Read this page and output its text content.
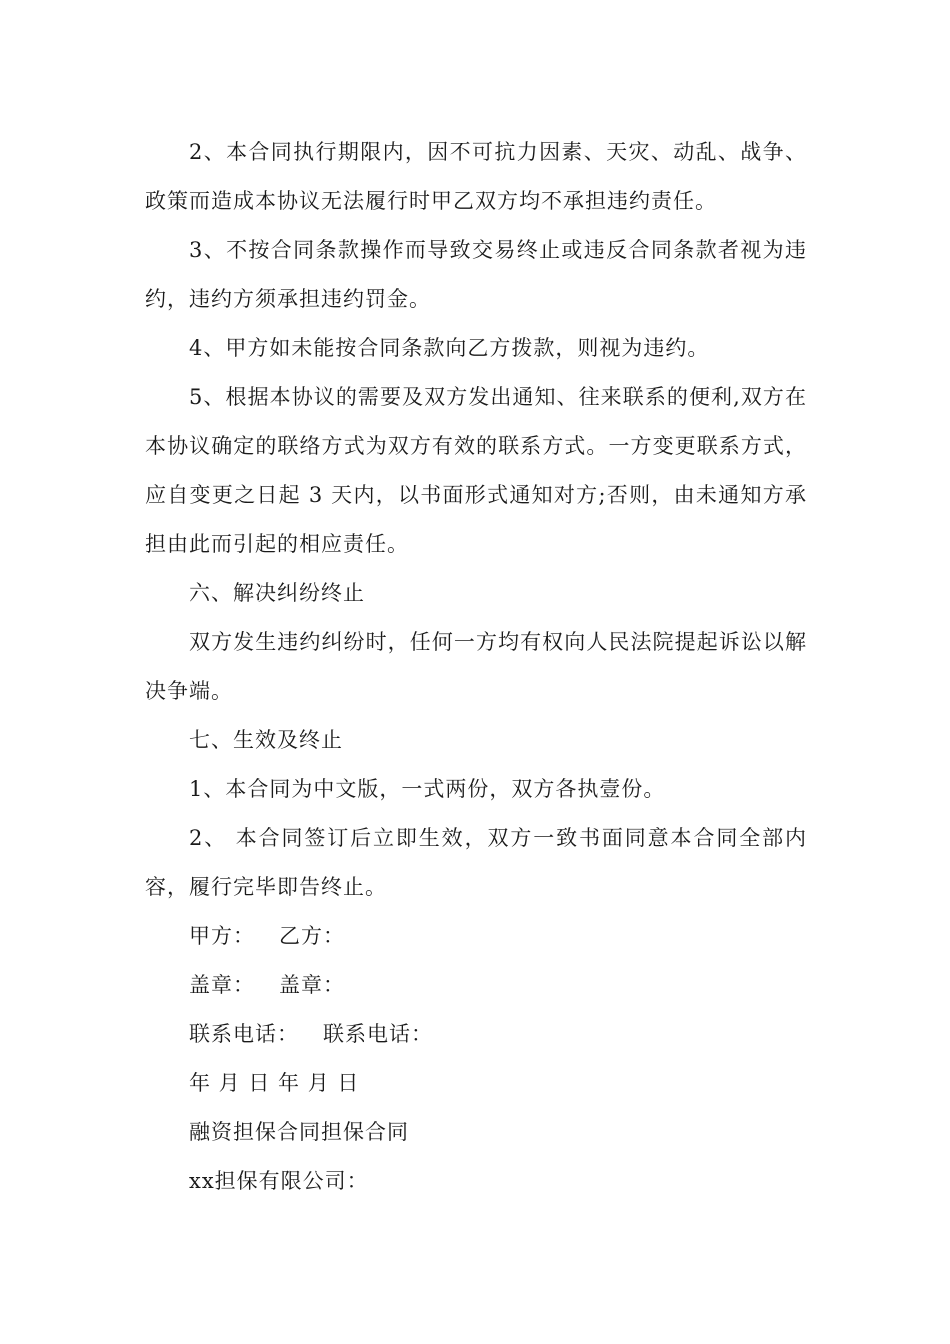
2、本合同执行期限内，因不可抗力因素、天灾、动乱、战争、政策而造成本协议无法履行时甲乙双方均不承担违约责任。

3、不按合同条款操作而导致交易终止或违反合同条款者视为违约，违约方须承担违约罚金。

4、甲方如未能按合同条款向乙方拨款，则视为违约。

5、根据本协议的需要及双方发出通知、往来联系的便利,双方在本协议确定的联络方式为双方有效的联系方式。一方变更联系方式，应自变更之日起 3 天内，以书面形式通知对方;否则，由未通知方承担由此而引起的相应责任。

六、解决纠纷终止

双方发生违约纠纷时，任何一方均有权向人民法院提起诉讼以解决争端。

七、生效及终止

1、本合同为中文版，一式两份，双方各执壹份。

2、 本合同签订后立即生效，双方一致书面同意本合同全部内容，履行完毕即告终止。

甲方： 乙方：
盖章： 盖章：
联系电话： 联系电话：

年 月 日 年 月 日

融资担保合同担保合同

xx担保有限公司：
